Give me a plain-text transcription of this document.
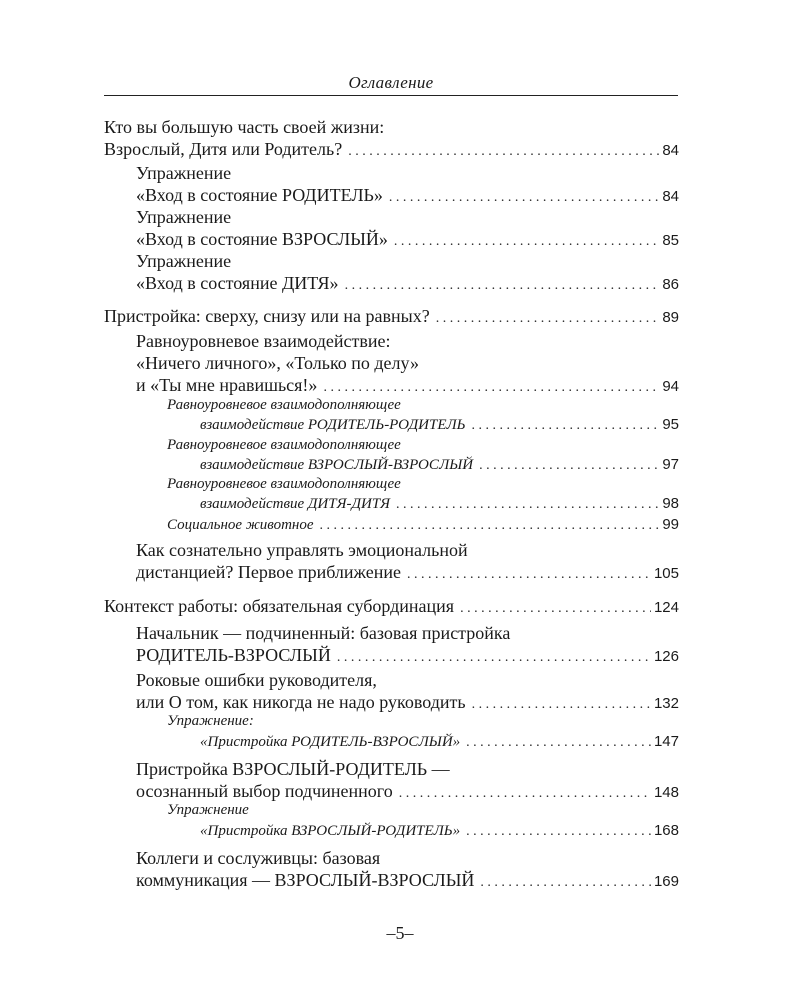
Оглавление
Кто вы большую часть своей жизни:
Взрослый, Дитя или Родитель? . . .	84
Упражнение
«Вход в состояние РОДИТЕЛЬ» . . .	84
Упражнение
«Вход в состояние ВЗРОСЛЫЙ» . . .	85
Упражнение
«Вход в состояние ДИТЯ» . . .	86
Пристройка: сверху, снизу или на равных? . . .	89
Равноуровневое взаимодействие:
«Ничего личного», «Только по делу»
и «Ты мне нравишься!» . . .	94
Равноуровневое взаимодополняющее
взаимодействие РОДИТЕЛЬ-РОДИТЕЛЬ . . .	95
Равноуровневое взаимодополняющее
взаимодействие ВЗРОСЛЫЙ-ВЗРОСЛЫЙ . . .	97
Равноуровневое взаимодополняющее
взаимодействие ДИТЯ-ДИТЯ . . .	98
Социальное животное . . .	99
Как сознательно управлять эмоциональной
дистанцией? Первое приближение . . .	105
Контекст работы: обязательная субординация . . .	124
Начальник — подчиненный: базовая пристройка
РОДИТЕЛЬ-ВЗРОСЛЫЙ . . .	126
Роковые ошибки руководителя,
или О том, как никогда не надо руководить . . .	132
Упражнение:
«Пристройка РОДИТЕЛЬ-ВЗРОСЛЫЙ» . . .	147
Пристройка ВЗРОСЛЫЙ-РОДИТЕЛЬ —
осознанный выбор подчиненного . . .	148
Упражнение
«Пристройка ВЗРОСЛЫЙ-РОДИТЕЛЬ» . . .	168
Коллеги и сослуживцы: базовая
коммуникация — ВЗРОСЛЫЙ-ВЗРОСЛЫЙ . . .	169
–5–
